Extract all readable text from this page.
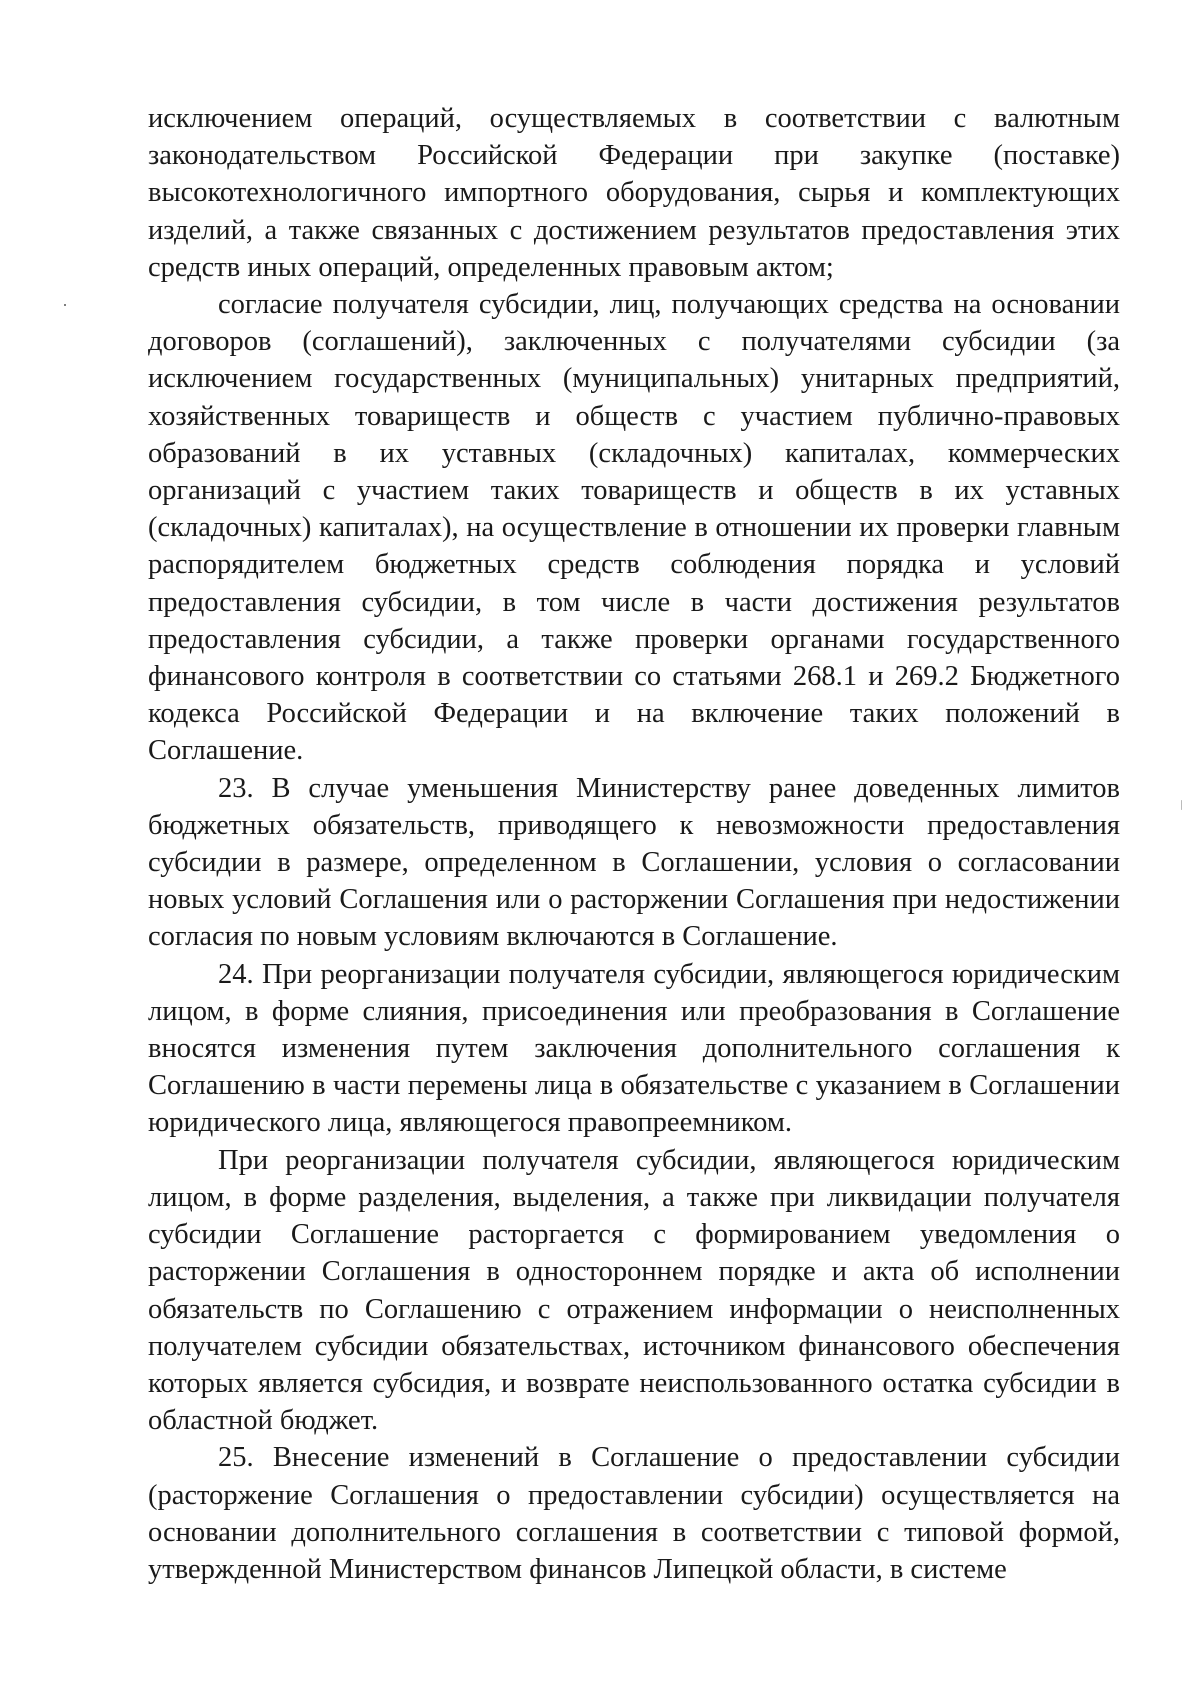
исключением операций, осуществляемых в соответствии с валютным законодательством Российской Федерации при закупке (поставке) высокотехнологичного импортного оборудования, сырья и комплектующих изделий, а также связанных с достижением результатов предоставления этих средств иных операций, определенных правовым актом;

согласие получателя субсидии, лиц, получающих средства на основании договоров (соглашений), заключенных с получателями субсидии (за исключением государственных (муниципальных) унитарных предприятий, хозяйственных товариществ и обществ с участием публично-правовых образований в их уставных (складочных) капиталах, коммерческих организаций с участием таких товариществ и обществ в их уставных (складочных) капиталах), на осуществление в отношении их проверки главным распорядителем бюджетных средств соблюдения порядка и условий предоставления субсидии, в том числе в части достижения результатов предоставления субсидии, а также проверки органами государственного финансового контроля в соответствии со статьями 268.1 и 269.2 Бюджетного кодекса Российской Федерации и на включение таких положений в Соглашение.

23. В случае уменьшения Министерству ранее доведенных лимитов бюджетных обязательств, приводящего к невозможности предоставления субсидии в размере, определенном в Соглашении, условия о согласовании новых условий Соглашения или о расторжении Соглашения при недостижении согласия по новым условиям включаются в Соглашение.

24. При реорганизации получателя субсидии, являющегося юридическим лицом, в форме слияния, присоединения или преобразования в Соглашение вносятся изменения путем заключения дополнительного соглашения к Соглашению в части перемены лица в обязательстве с указанием в Соглашении юридического лица, являющегося правопреемником.

При реорганизации получателя субсидии, являющегося юридическим лицом, в форме разделения, выделения, а также при ликвидации получателя субсидии Соглашение расторгается с формированием уведомления о расторжении Соглашения в одностороннем порядке и акта об исполнении обязательств по Соглашению с отражением информации о неисполненных получателем субсидии обязательствах, источником финансового обеспечения которых является субсидия, и возврате неиспользованного остатка субсидии в областной бюджет.

25. Внесение изменений в Соглашение о предоставлении субсидии (расторжение Соглашения о предоставлении субсидии) осуществляется на основании дополнительного соглашения в соответствии с типовой формой, утвержденной Министерством финансов Липецкой области, в системе
